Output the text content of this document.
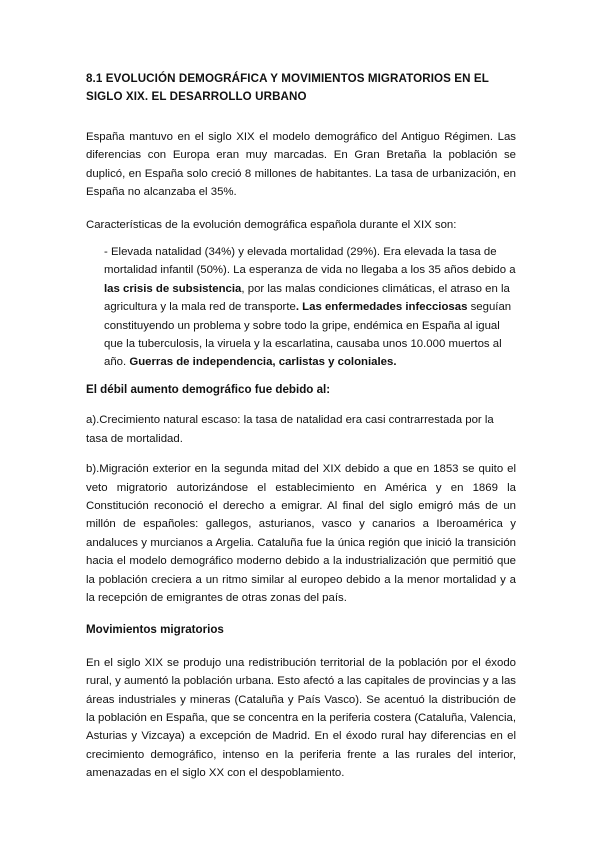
8.1 EVOLUCIÓN DEMOGRÁFICA Y MOVIMIENTOS MIGRATORIOS EN EL SIGLO XIX. EL DESARROLLO URBANO

España mantuvo en el siglo XIX el modelo demográfico del Antiguo Régimen. Las diferencias con Europa eran muy marcadas. En Gran Bretaña la población se duplicó, en España solo creció 8 millones de habitantes. La tasa de urbanización, en España no alcanzaba el 35%.

Características de la evolución demográfica española durante el XIX son:

- Elevada natalidad (34%) y elevada mortalidad (29%). Era elevada la tasa de mortalidad infantil (50%). La esperanza de vida no llegaba a los 35 años debido a las crisis de subsistencia, por las malas condiciones climáticas, el atraso en la agricultura y la mala red de transporte. Las enfermedades infecciosas seguían constituyendo un problema y sobre todo la gripe, endémica en España al igual que la tuberculosis, la viruela y la escarlatina, causaba unos 10.000 muertos al año. Guerras de independencia, carlistas y coloniales.

El débil aumento demográfico fue debido al:

a).Crecimiento natural escaso: la tasa de natalidad era casi contrarrestada por la tasa de mortalidad.

b).Migración exterior en la segunda mitad del XIX debido a que en 1853 se quito el veto migratorio autorizándose el establecimiento en América y en 1869 la Constitución reconoció el derecho a emigrar. Al final del siglo emigró más de un millón de españoles: gallegos, asturianos, vasco y canarios a Iberoamérica y andaluces y murcianos a Argelia. Cataluña fue la única región que inició la transición hacia el modelo demográfico moderno debido a la industrialización que permitió que la población creciera a un ritmo similar al europeo debido a la menor mortalidad y a la recepción de emigrantes de otras zonas del país.

Movimientos migratorios

En el siglo XIX se produjo una redistribución territorial de la población por el éxodo rural, y aumentó la población urbana. Esto afectó a las capitales de provincias y a las áreas industriales y mineras (Cataluña y País Vasco). Se acentuó la distribución de la población en España, que se concentra en la periferia costera (Cataluña, Valencia, Asturias y Vizcaya) a excepción de Madrid. En el éxodo rural hay diferencias en el crecimiento demográfico, intenso en la periferia frente a las rurales del interior, amenazadas en el siglo XX con el despoblamiento.
